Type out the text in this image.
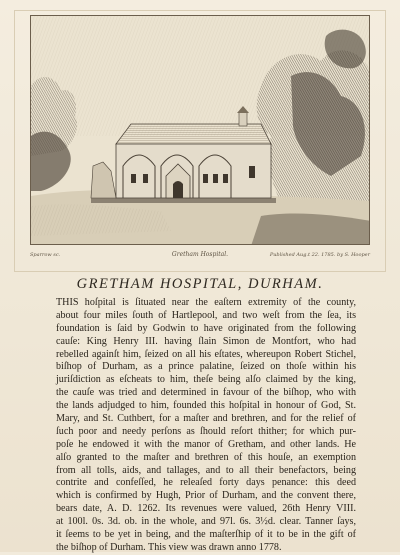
Sparrow sc.	Gretham Hospital.	Published Aug.t 22. 1785. by S. Hooper
GRETHAM HOSPITAL, DURHAM.
THIS hoſpital is ſituated near the eaſtern extremity of the county,
about four miles ſouth of Hartlepool, and two weſt from the ſea, its
foundation is ſaid by Godwin to have originated from the following
cauſe: King Henry III. having ſlain Simon de Montfort, who had
rebelled againſt him, ſeized on all his eſtates, whereupon Robert Stichel,
biſhop of Durham, as a prince palatine, ſeized on thoſe within his
juriſdiction as eſcheats to him, theſe being alſo claimed by the king,
the cauſe was tried and determined in favour of the biſhop, who with
the lands adjudged to him, founded this hoſpital in honour of God, St.
Mary, and St. Cuthbert, for a maſter and brethren, and for the relief of
ſuch poor and needy perſons as ſhould reſort thither; for which pur-
poſe he endowed it with the manor of Gretham, and other lands. He
alſo granted to the maſter and brethren of this houſe, an exemption
from all tolls, aids, and tallages, and to all their benefactors, being
contrite and confeſſed, he releaſed forty days penance: this deed
which is confirmed by Hugh, Prior of Durham, and the convent there,
bears date, A. D. 1262. Its revenues were valued, 26th Henry VIII.
at 100l. 0s. 3d. ob. in the whole, and 97l. 6s. 3½d. clear. Tanner ſays,
it ſeems to be yet in being, and the maſterſhip of it to be in the gift of
the biſhop of Durham. This view was drawn anno 1778.
